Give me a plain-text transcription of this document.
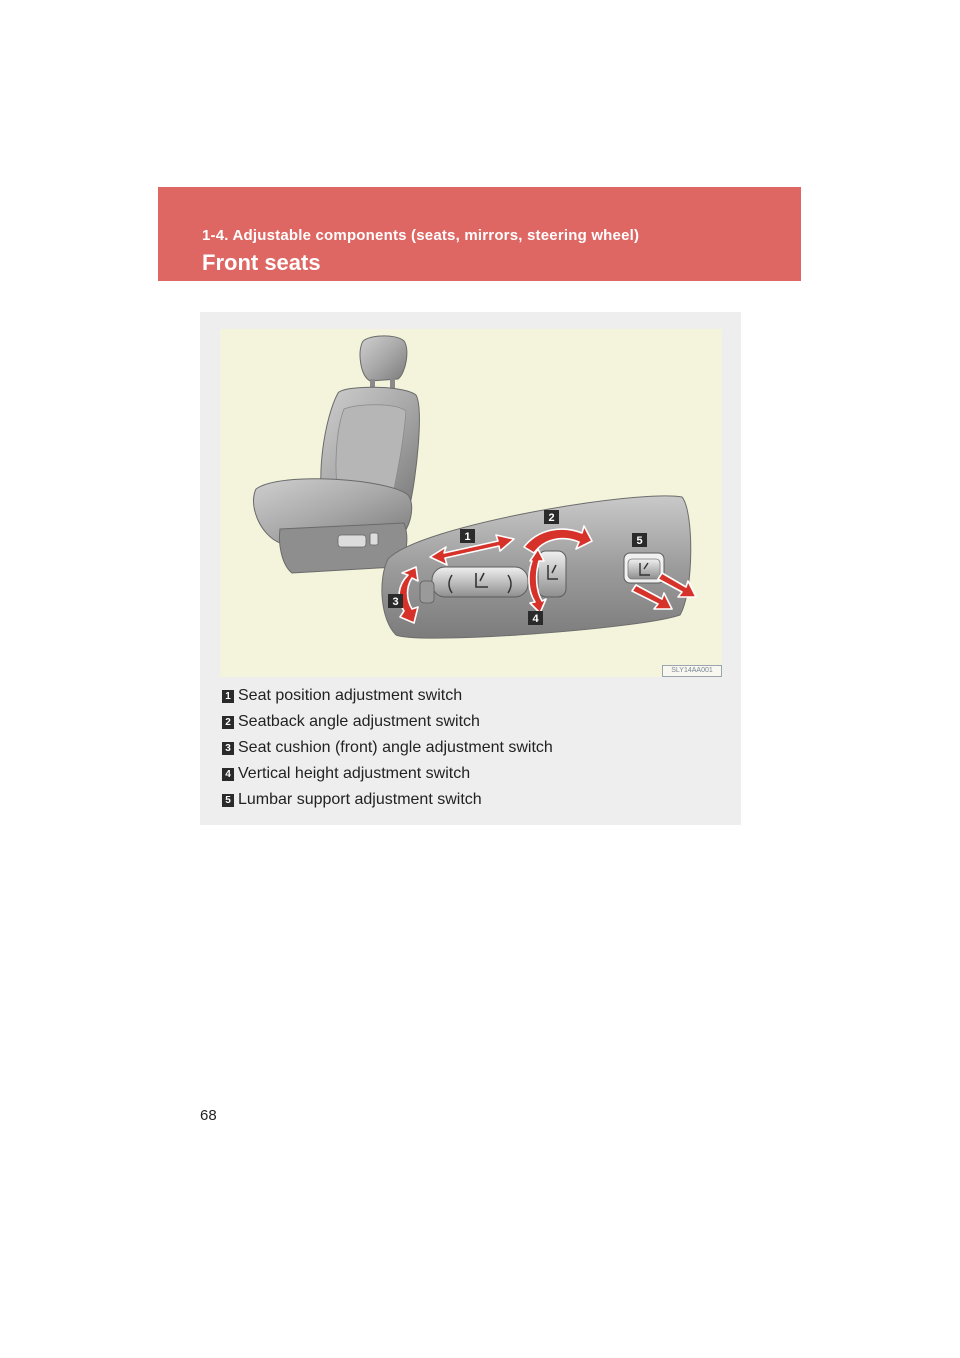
1-4. Adjustable components (seats, mirrors, steering wheel)
Front seats
1
2
3
4
5
SLY14AA001
1 Seat position adjustment switch
2 Seatback angle adjustment switch
3 Seat cushion (front) angle adjustment switch
4 Vertical height adjustment switch
5 Lumbar support adjustment switch
68
